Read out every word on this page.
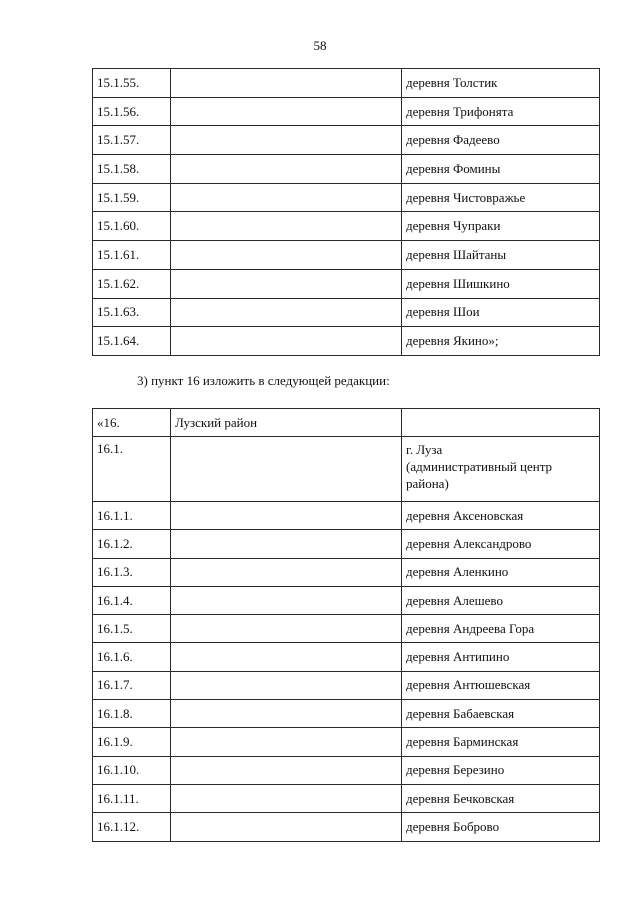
58
15.1.55.		деревня Толстик
15.1.56.		деревня Трифонята
15.1.57.		деревня Фадеево
15.1.58.		деревня Фомины
15.1.59.		деревня Чистовражье
15.1.60.		деревня Чупраки
15.1.61.		деревня Шайтаны
15.1.62.		деревня Шишкино
15.1.63.		деревня Шои
15.1.64.		деревня Якино»;
3) пункт 16 изложить в следующей редакции:
«16.	Лузский район	
16.1.		г. Луза
(административный центр
района)
16.1.1.		деревня Аксеновская
16.1.2.		деревня Александрово
16.1.3.		деревня Аленкино
16.1.4.		деревня Алешево
16.1.5.		деревня Андреева Гора
16.1.6.		деревня Антипино
16.1.7.		деревня Антюшевская
16.1.8.		деревня Бабаевская
16.1.9.		деревня Барминская
16.1.10.		деревня Березино
16.1.11.		деревня Бечковская
16.1.12.		деревня Боброво
